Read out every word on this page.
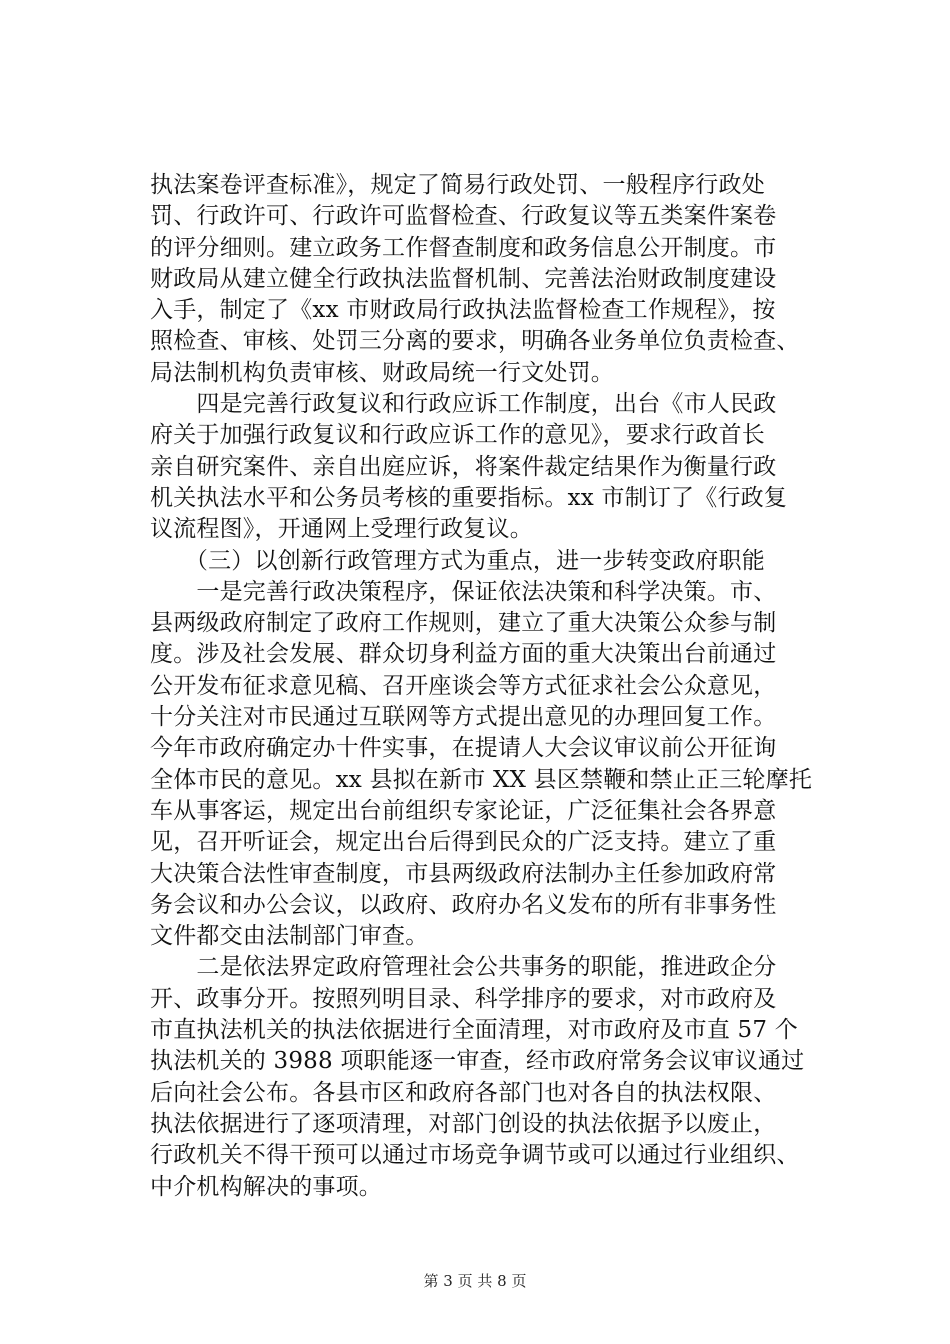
执法案卷评查标准》，规定了简易行政处罚、一般程序行政处
罚、行政许可、行政许可监督检查、行政复议等五类案件案卷
的评分细则。建立政务工作督查制度和政务信息公开制度。市
财政局从建立健全行政执法监督机制、完善法治财政制度建设
入手，制定了《xx 市财政局行政执法监督检查工作规程》，按
照检查、审核、处罚三分离的要求，明确各业务单位负责检查、
局法制机构负责审核、财政局统一行文处罚。
　　四是完善行政复议和行政应诉工作制度，出台《市人民政
府关于加强行政复议和行政应诉工作的意见》，要求行政首长
亲自研究案件、亲自出庭应诉，将案件裁定结果作为衡量行政
机关执法水平和公务员考核的重要指标。xx 市制订了《行政复
议流程图》，开通网上受理行政复议。
　　（三）以创新行政管理方式为重点，进一步转变政府职能
　　一是完善行政决策程序，保证依法决策和科学决策。市、
县两级政府制定了政府工作规则，建立了重大决策公众参与制
度。涉及社会发展、群众切身利益方面的重大决策出台前通过
公开发布征求意见稿、召开座谈会等方式征求社会公众意见，
十分关注对市民通过互联网等方式提出意见的办理回复工作。
今年市政府确定办十件实事，在提请人大会议审议前公开征询
全体市民的意见。xx 县拟在新市 XX 县区禁鞭和禁止正三轮摩托
车从事客运，规定出台前组织专家论证，广泛征集社会各界意
见，召开听证会，规定出台后得到民众的广泛支持。建立了重
大决策合法性审查制度，市县两级政府法制办主任参加政府常
务会议和办公会议，以政府、政府办名义发布的所有非事务性
文件都交由法制部门审查。
　　二是依法界定政府管理社会公共事务的职能，推进政企分
开、政事分开。按照列明目录、科学排序的要求，对市政府及
市直执法机关的执法依据进行全面清理，对市政府及市直 57 个
执法机关的 3988 项职能逐一审查，经市政府常务会议审议通过
后向社会公布。各县市区和政府各部门也对各自的执法权限、
执法依据进行了逐项清理，对部门创设的执法依据予以废止，
行政机关不得干预可以通过市场竞争调节或可以通过行业组织、
中介机构解决的事项。
第 3 页 共 8 页
